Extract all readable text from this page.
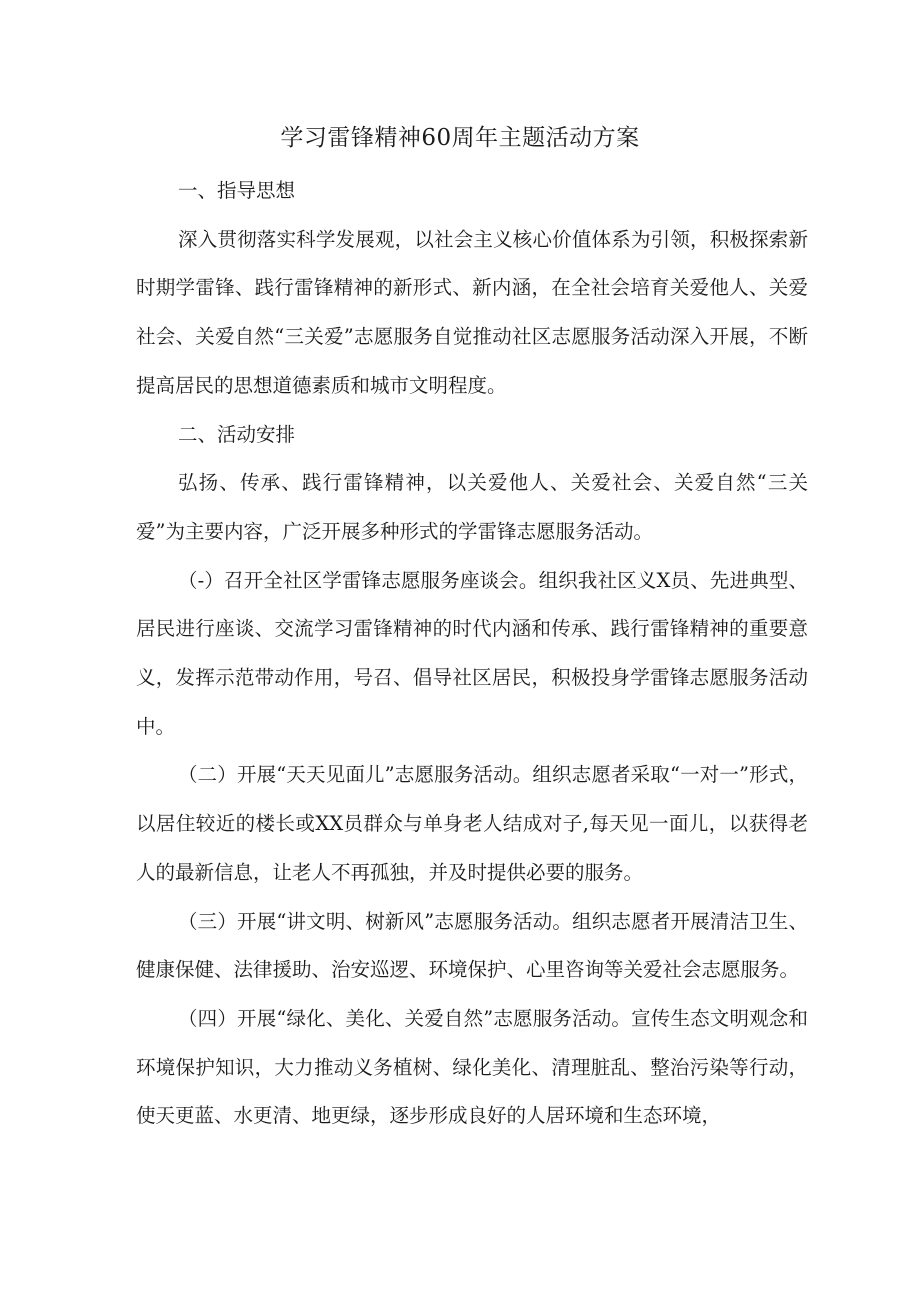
学习雷锋精神60周年主题活动方案

一、指导思想

深入贯彻落实科学发展观，以社会主义核心价值体系为引领，积极探索新时期学雷锋、践行雷锋精神的新形式、新内涵，在全社会培育关爱他人、关爱社会、关爱自然“三关爱”志愿服务自觉推动社区志愿服务活动深入开展，不断提高居民的思想道德素质和城市文明程度。

二、活动安排

弘扬、传承、践行雷锋精神，以关爱他人、关爱社会、关爱自然“三关爱”为主要内容，广泛开展多种形式的学雷锋志愿服务活动。

（-）召开全社区学雷锋志愿服务座谈会。组织我社区义X员、先进典型、居民进行座谈、交流学习雷锋精神的时代内涵和传承、践行雷锋精神的重要意义，发挥示范带动作用，号召、倡导社区居民，积极投身学雷锋志愿服务活动中。

（二）开展“天天见面儿”志愿服务活动。组织志愿者采取“一对一”形式，以居住较近的楼长或XX员群众与单身老人结成对子,每天见一面儿，以获得老人的最新信息，让老人不再孤独，并及时提供必要的服务。

（三）开展“讲文明、树新风”志愿服务活动。组织志愿者开展清洁卫生、健康保健、法律援助、治安巡逻、环境保护、心里咨询等关爱社会志愿服务。

（四）开展“绿化、美化、关爱自然”志愿服务活动。宣传生态文明观念和环境保护知识，大力推动义务植树、绿化美化、清理脏乱、整治污染等行动，使天更蓝、水更清、地更绿，逐步形成良好的人居环境和生态环境，
